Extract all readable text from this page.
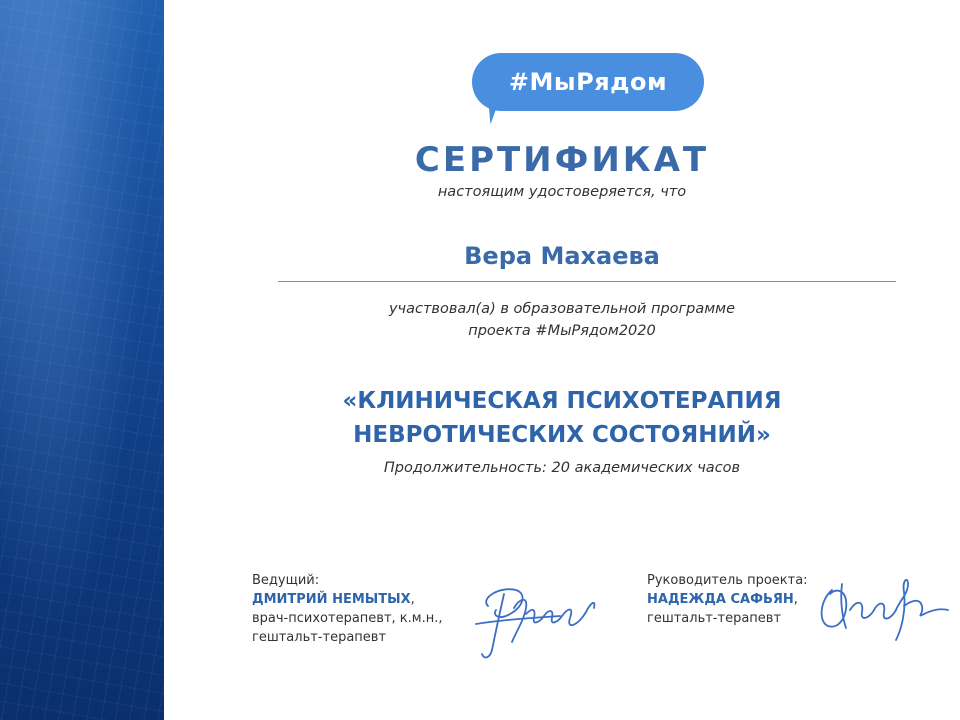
#МыРядом
СЕРТИФИКАТ
настоящим удостоверяется, что
Вера Махаева
участвовал(а) в образовательной программе
проекта #МыРядом2020
«КЛИНИЧЕСКАЯ ПСИХОТЕРАПИЯ
НЕВРОТИЧЕСКИХ СОСТОЯНИЙ»
Продолжительность: 20 академических часов
Ведущий:
ДМИТРИЙ НЕМЫТЫХ,
врач-психотерапевт, к.м.н.,
гештальт-терапевт
Руководитель проекта:
НАДЕЖДА САФЬЯН,
гештальт-терапевт
